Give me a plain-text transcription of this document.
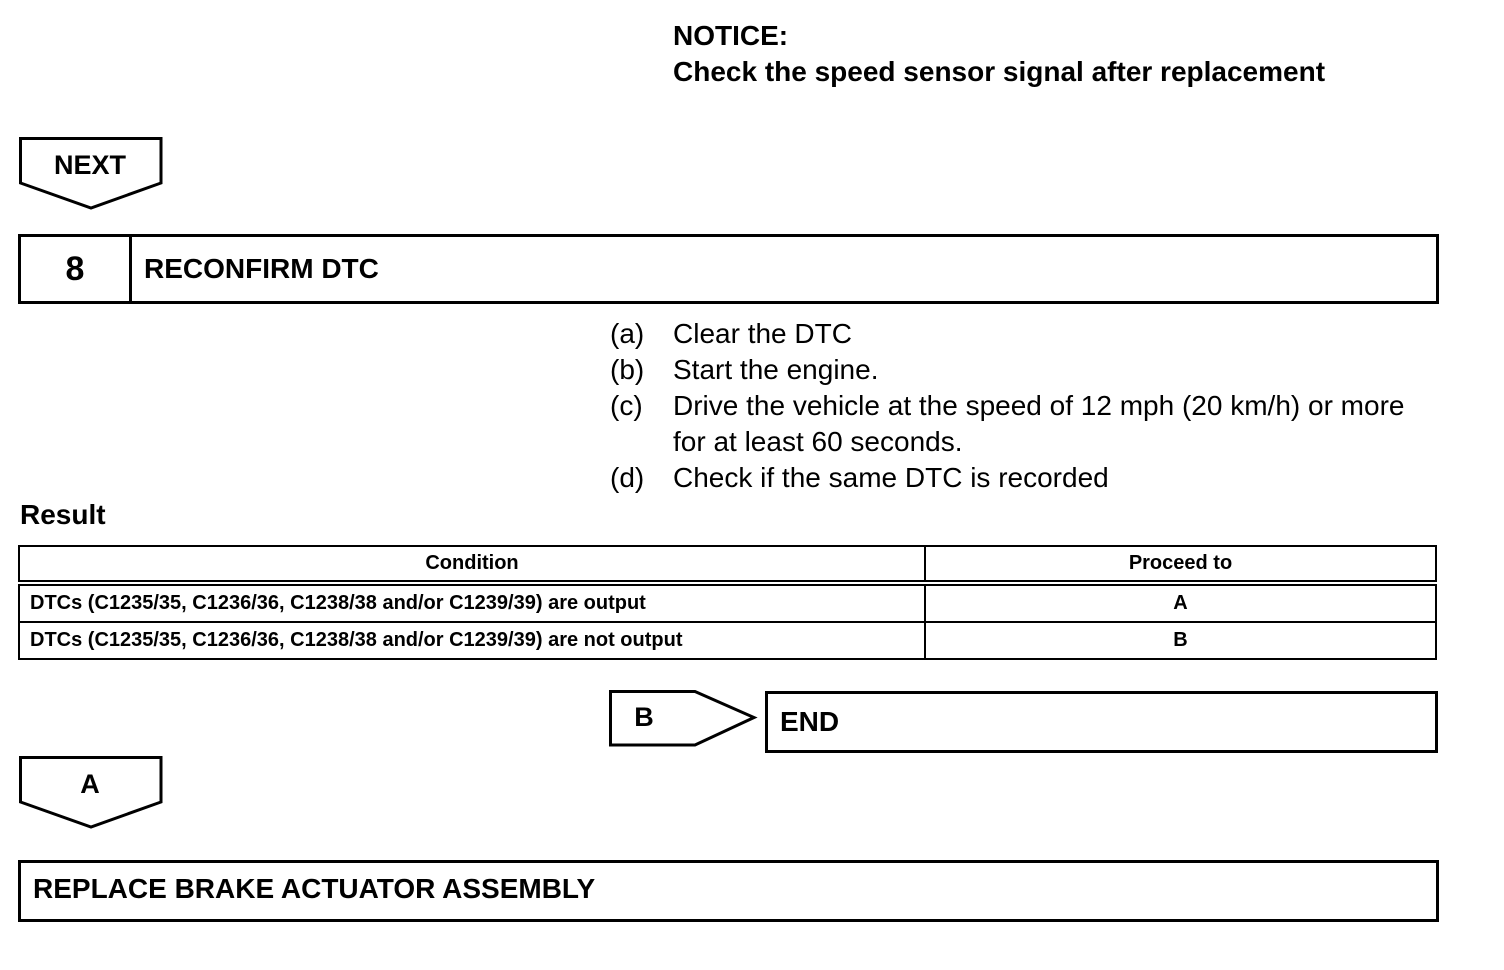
NOTICE:
Check the speed sensor signal after replacement
NEXT
8	RECONFIRM DTC
(a)	Clear the DTC
(b)	Start the engine.
(c)	Drive the vehicle at the speed of 12 mph (20 km/h) or more for at least 60 seconds.
(d)	Check if the same DTC is recorded
Result
Condition	Proceed to
DTCs (C1235/35, C1236/36, C1238/38 and/or C1239/39) are output	A
DTCs (C1235/35, C1236/36, C1238/38 and/or C1239/39) are not output	B
B	END
A
REPLACE BRAKE ACTUATOR ASSEMBLY
